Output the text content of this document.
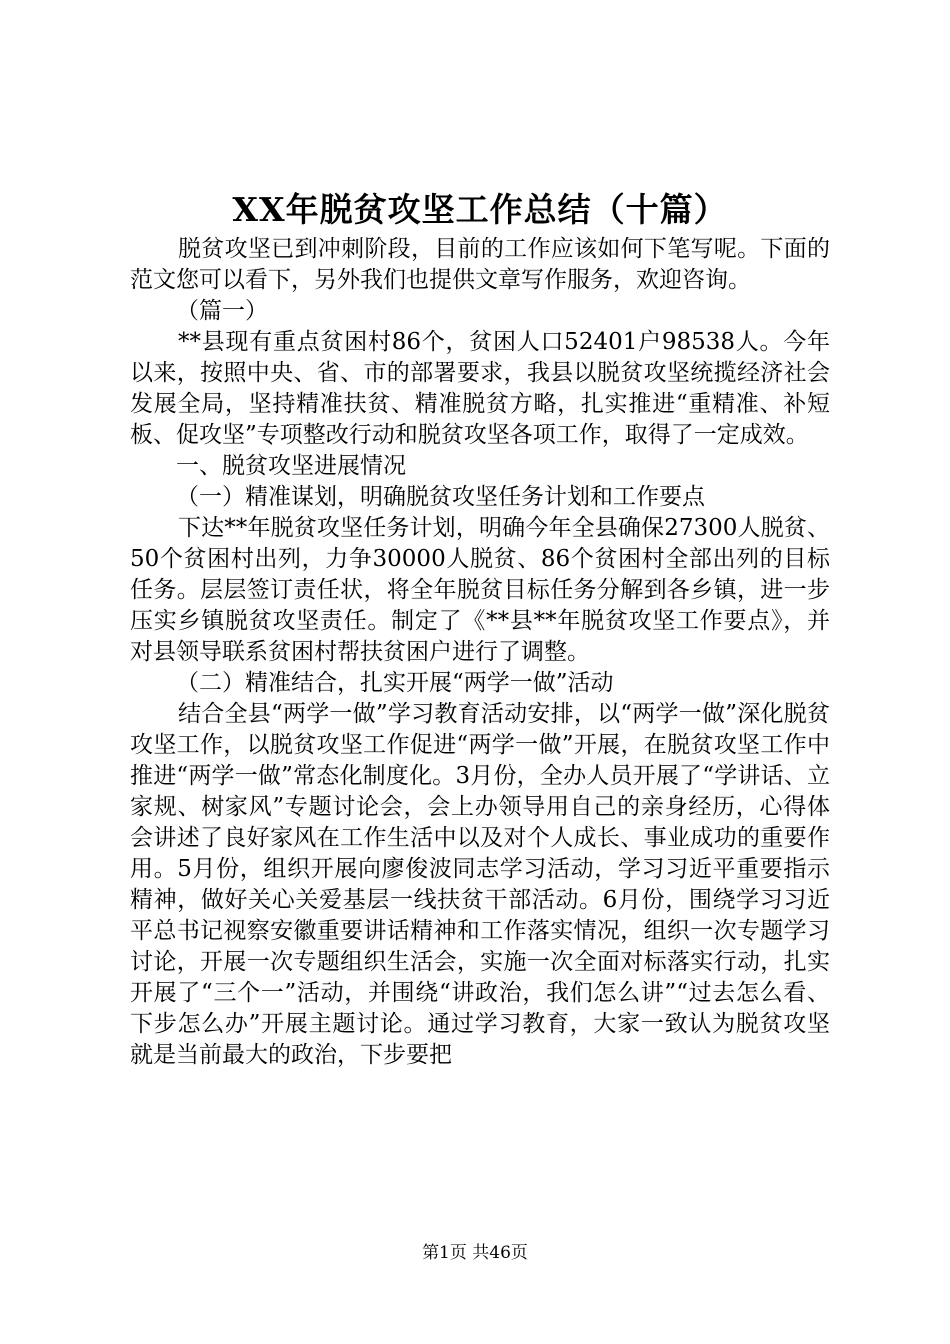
XX年脱贫攻坚工作总结（十篇）

脱贫攻坚已到冲刺阶段，目前的工作应该如何下笔写呢。下面的范文您可以看下，另外我们也提供文章写作服务，欢迎咨询。

（篇一）

**县现有重点贫困村86个，贫困人口52401户98538人。今年以来，按照中央、省、市的部署要求，我县以脱贫攻坚统揽经济社会发展全局，坚持精准扶贫、精准脱贫方略，扎实推进“重精准、补短板、促攻坚”专项整改行动和脱贫攻坚各项工作，取得了一定成效。

一、脱贫攻坚进展情况

（一）精准谋划，明确脱贫攻坚任务计划和工作要点

下达**年脱贫攻坚任务计划，明确今年全县确保27300人脱贫、50个贫困村出列，力争30000人脱贫、86个贫困村全部出列的目标任务。层层签订责任状，将全年脱贫目标任务分解到各乡镇，进一步压实乡镇脱贫攻坚责任。制定了《**县**年脱贫攻坚工作要点》，并对县领导联系贫困村帮扶贫困户进行了调整。

（二）精准结合，扎实开展“两学一做”活动

结合全县“两学一做”学习教育活动安排，以“两学一做”深化脱贫攻坚工作，以脱贫攻坚工作促进“两学一做”开展，在脱贫攻坚工作中推进“两学一做”常态化制度化。3月份，全办人员开展了“学讲话、立家规、树家风”专题讨论会，会上办领导用自己的亲身经历，心得体会讲述了良好家风在工作生活中以及对个人成长、事业成功的重要作用。5月份，组织开展向廖俊波同志学习活动，学习习近平重要指示精神，做好关心关爱基层一线扶贫干部活动。6月份，围绕学习习近平总书记视察安徽重要讲话精神和工作落实情况，组织一次专题学习讨论，开展一次专题组织生活会，实施一次全面对标落实行动，扎实开展了“三个一”活动，并围绕“讲政治，我们怎么讲”“过去怎么看、下步怎么办”开展主题讨论。通过学习教育，大家一致认为脱贫攻坚就是当前最大的政治，下步要把

第1页 共46页
